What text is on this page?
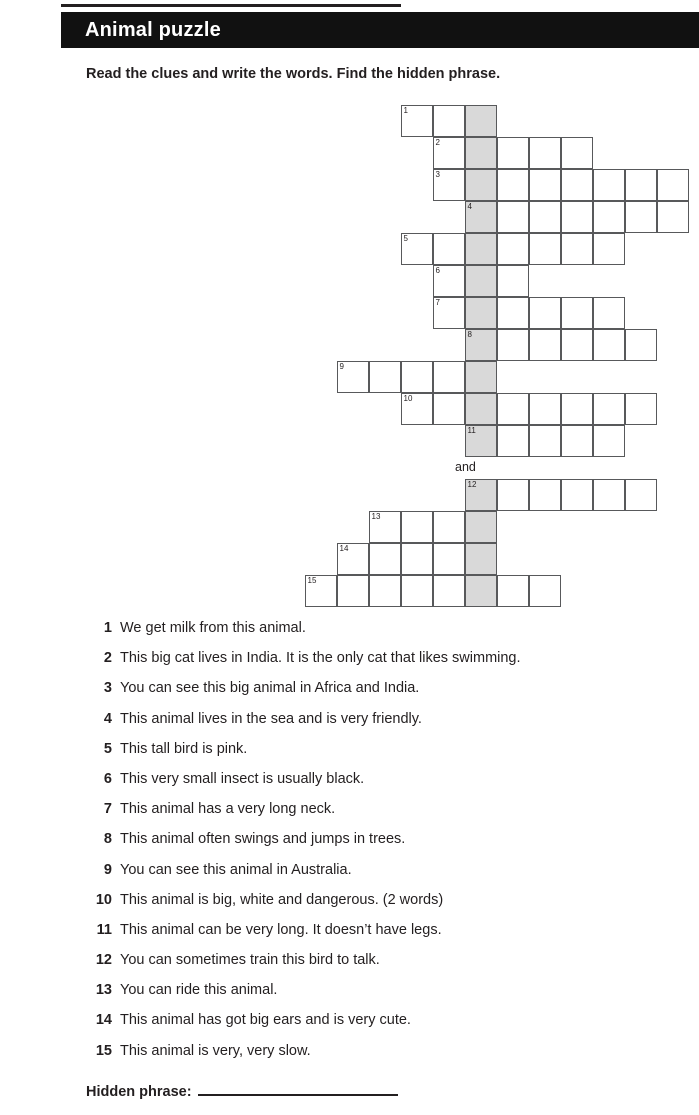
Animal puzzle
Read the clues and write the words. Find the hidden phrase.
1
2
3
4
5
6
7
8
9
10
11
12
13
14
15
and
1 We get milk from this animal.
2 This big cat lives in India. It is the only cat that likes swimming.
3 You can see this big animal in Africa and India.
4 This animal lives in the sea and is very friendly.
5 This tall bird is pink.
6 This very small insect is usually black.
7 This animal has a very long neck.
8 This animal often swings and jumps in trees.
9 You can see this animal in Australia.
10 This animal is big, white and dangerous. (2 words)
11 This animal can be very long. It doesn’t have legs.
12 You can sometimes train this bird to talk.
13 You can ride this animal.
14 This animal has got big ears and is very cute.
15 This animal is very, very slow.
Hidden phrase:
